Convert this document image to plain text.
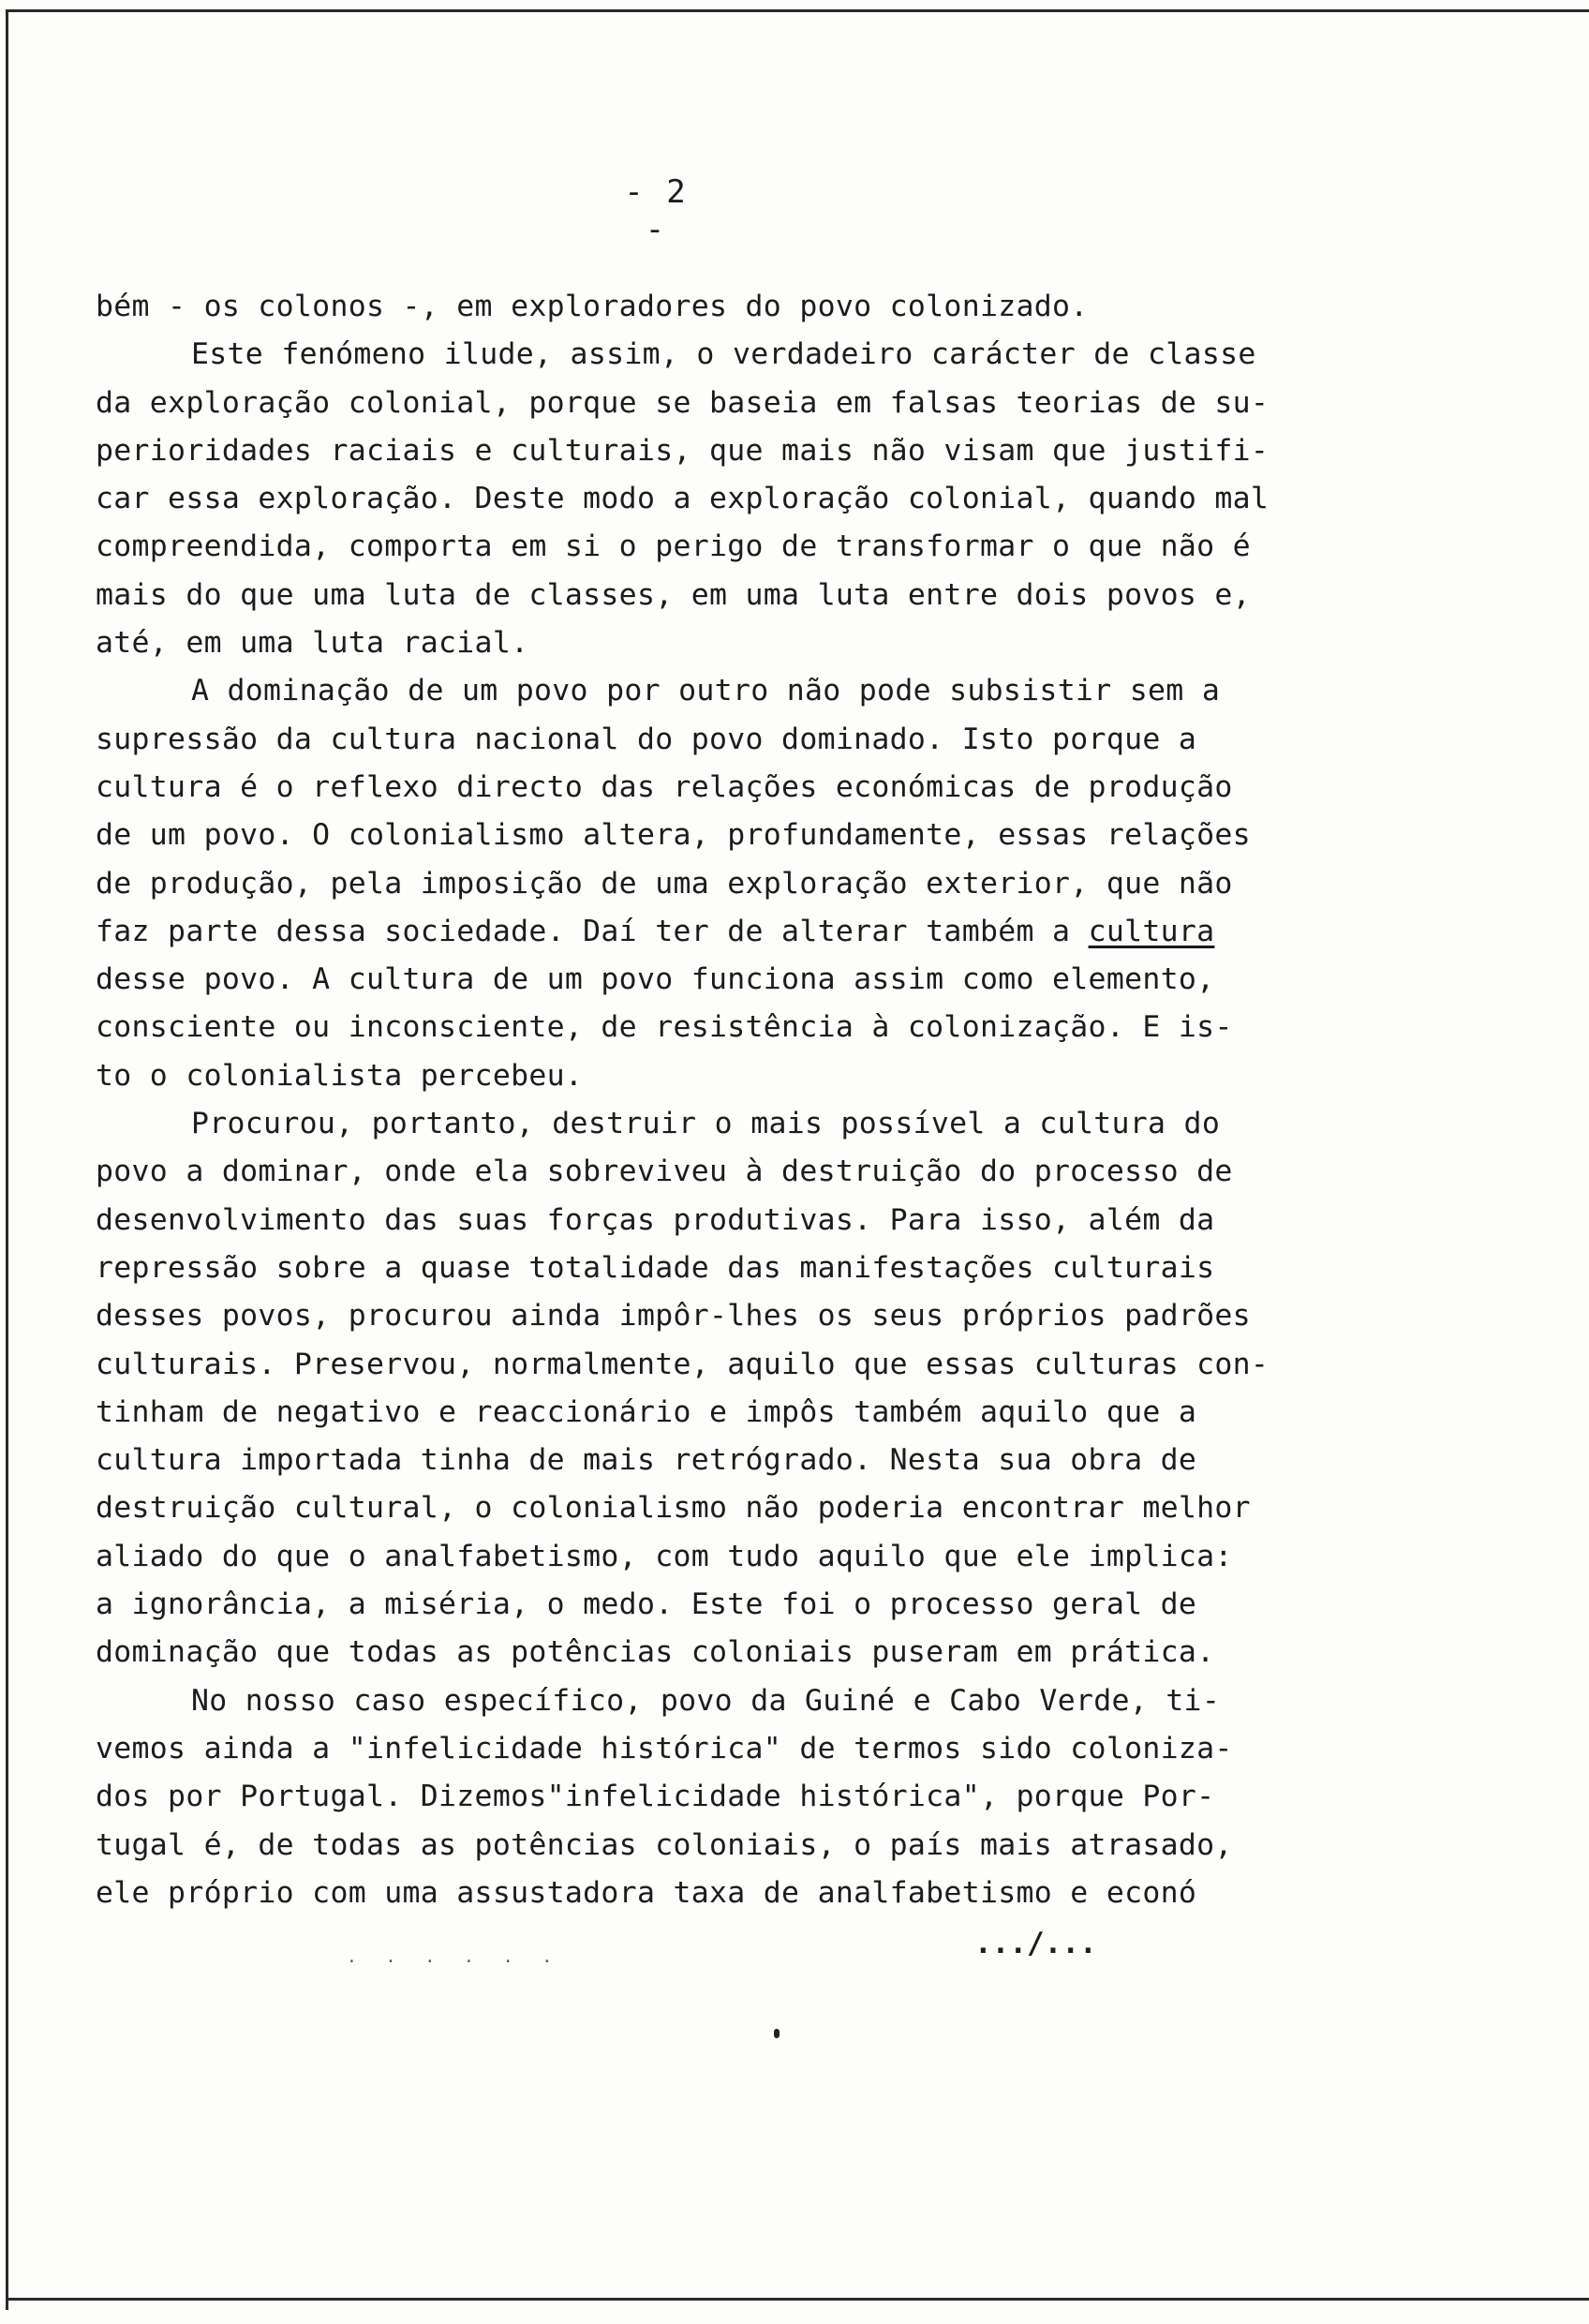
- 2 -
bém - os colonos -, em exploradores do povo colonizado.
Este fenómeno ilude, assim, o verdadeiro carácter de classe
da exploração colonial, porque se baseia em falsas teorias de su-
perioridades raciais e culturais, que mais não visam que justifi-
car essa exploração. Deste modo a exploração colonial, quando mal
compreendida, comporta em si o perigo de transformar o que não é
mais do que uma luta de classes, em uma luta entre dois povos e,
até, em uma luta racial.
A dominação de um povo por outro não pode subsistir sem a
supressão da cultura nacional do povo dominado. Isto porque a
cultura é o reflexo directo das relações económicas de produção
de um povo. O colonialismo altera, profundamente, essas relações
de produção, pela imposição de uma exploração exterior, que não
faz parte dessa sociedade. Daí ter de alterar também a cultura
desse povo. A cultura de um povo funciona assim como elemento,
consciente ou inconsciente, de resistência à colonização. E is-
to o colonialista percebeu.
Procurou, portanto, destruir o mais possível a cultura do
povo a dominar, onde ela sobreviveu à destruição do processo de
desenvolvimento das suas forças produtivas. Para isso, além da
repressão sobre a quase totalidade das manifestações culturais
desses povos, procurou ainda impôr-lhes os seus próprios padrões
culturais. Preservou, normalmente, aquilo que essas culturas con-
tinham de negativo e reaccionário e impôs também aquilo que a
cultura importada tinha de mais retrógrado. Nesta sua obra de
destruição cultural, o colonialismo não poderia encontrar melhor
aliado do que o analfabetismo, com tudo aquilo que ele implica:
a ignorância, a miséria, o medo. Este foi o processo geral de
dominação que todas as potências coloniais puseram em prática.
No nosso caso específico, povo da Guiné e Cabo Verde, ti-
vemos ainda a "infelicidade histórica" de termos sido coloniza-
dos por Portugal. Dizemos"infelicidade histórica", porque Por-
tugal é, de todas as potências coloniais, o país mais atrasado,
ele próprio com uma assustadora taxa de analfabetismo e econó
. . . . . .	.../...
